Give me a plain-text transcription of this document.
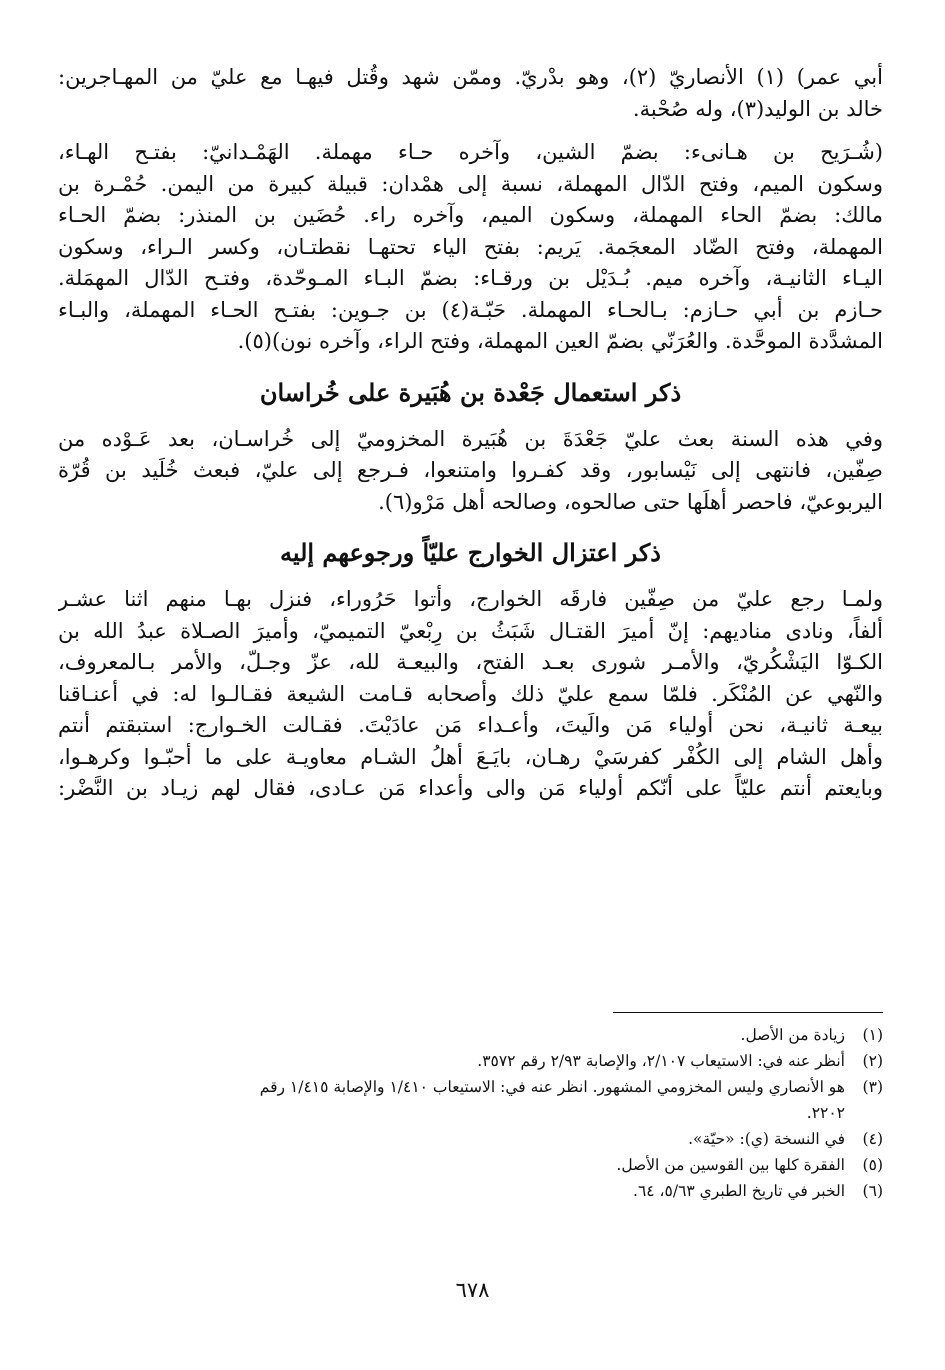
أبي عمر) (١) الأنصاريّ (٢)، وهو بدْريّ. وممّن شهد وقُتل فيهـا مع عليّ من المهـاجرين:
خالد بن الوليد(٣)، وله صُحْبة.
(شُـرَيح بن هـانىء: بضمّ الشين، وآخره حـاء مهملة. الهَمْـدانيّ: بفتـح الهـاء،
وسكون الميم، وفتح الدّال المهملة، نسبة إلى همْدان: قبيلة كبيرة من اليمن. حُمْـرة بن
مالك: بضمّ الحاء المهملة، وسكون الميم، وآخره راء. حُضَين بن المنذر: بضمّ الحـاء
المهملة، وفتح الضّاد المعجَمة. يَريم: بفتح الياء تحتهـا نقطتـان، وكسر الـراء، وسكون
اليـاء الثانيـة، وآخره ميم. بُـدَيْل بن ورقـاء: بضمّ البـاء المـوحّدة، وفتـح الدّال المهمَلة.
حـازم بن أبي حـازم: بـالحـاء المهملة. حَبّـة(٤) بن جـوين: بفتـح الحـاء المهملة، والبـاء
المشدَّدة الموحَّدة. والعُرَنّي بضمّ العين المهملة، وفتح الراء، وآخره نون)(٥).
ذكر استعمال جَعْدة بن هُبَيرة على خُراسان
وفي هذه السنة بعث عليّ جَعْدَةَ بن هُبَيرة المخزوميّ إلى خُراسـان، بعد عَـوْده من
صِفّين، فانتهى إلى نَيْسابور، وقد كفـروا وامتنعوا، فـرجع إلى عليّ، فبعث خُلَيد بن قُرّة
اليربوعيّ، فاحصر أهلَها حتى صالحوه، وصالحه أهل مَرْو(٦).
ذكر اعتزال الخوارج عليّاً ورجوعهم إليه
ولمـا رجع عليّ من صِفّين فارقَه الخوارج، وأتوا حَرُوراء، فنزل بهـا منهم اثنا عشـر
ألفاً، ونادى مناديهم: إنّ أميرَ القتـال شَبَثُ بن رِبْعيّ التميميّ، وأميرَ الصـلاة عبدُ الله بن
الكـوّا اليَشْكُريّ، والأمـر شورى بعـد الفتح، والبيعـة لله، عزّ وجـلّ، والأمر بـالمعروف،
والنّهي عن المُنْكَر. فلمّا سمع عليّ ذلك وأصحابه قـامت الشيعة فقـالـوا له: في أعنـاقنا
بيعـة ثانيـة، نحن أولياء مَن والَيتَ، وأعـداء مَن عادَيْتَ. فقـالت الخـوارج: استبقتم أنتم
وأهل الشام إلى الكُفْر كفرسَيْ رهـان، بايَـعَ أهلُ الشـام معاويـة على ما أحبّـوا وكرهـوا،
وبايعتم أنتم عليّاً على أنّكم أولياء مَن والى وأعداء مَن عـادى، فقال لهم زيـاد بن النَّضْر:
(١)
زيادة من الأصل.
(٢)
أنظر عنه في: الاستيعاب ٢/١٠٧، والإصابة ٢/٩٣ رقم ٣٥٧٢.
(٣)
هو الأنصاري وليس المخزومي المشهور. انظر عنه في: الاستيعاب ١/٤١٠ والإصابة ١/٤١٥ رقم
٢٢٠٢.
(٤)
في النسخة (ي): «حيّة».
(٥)
الفقرة كلها بين القوسين من الأصل.
(٦)
الخبر في تاريخ الطبري ٥/٦٣، ٦٤.
٦٧٨
